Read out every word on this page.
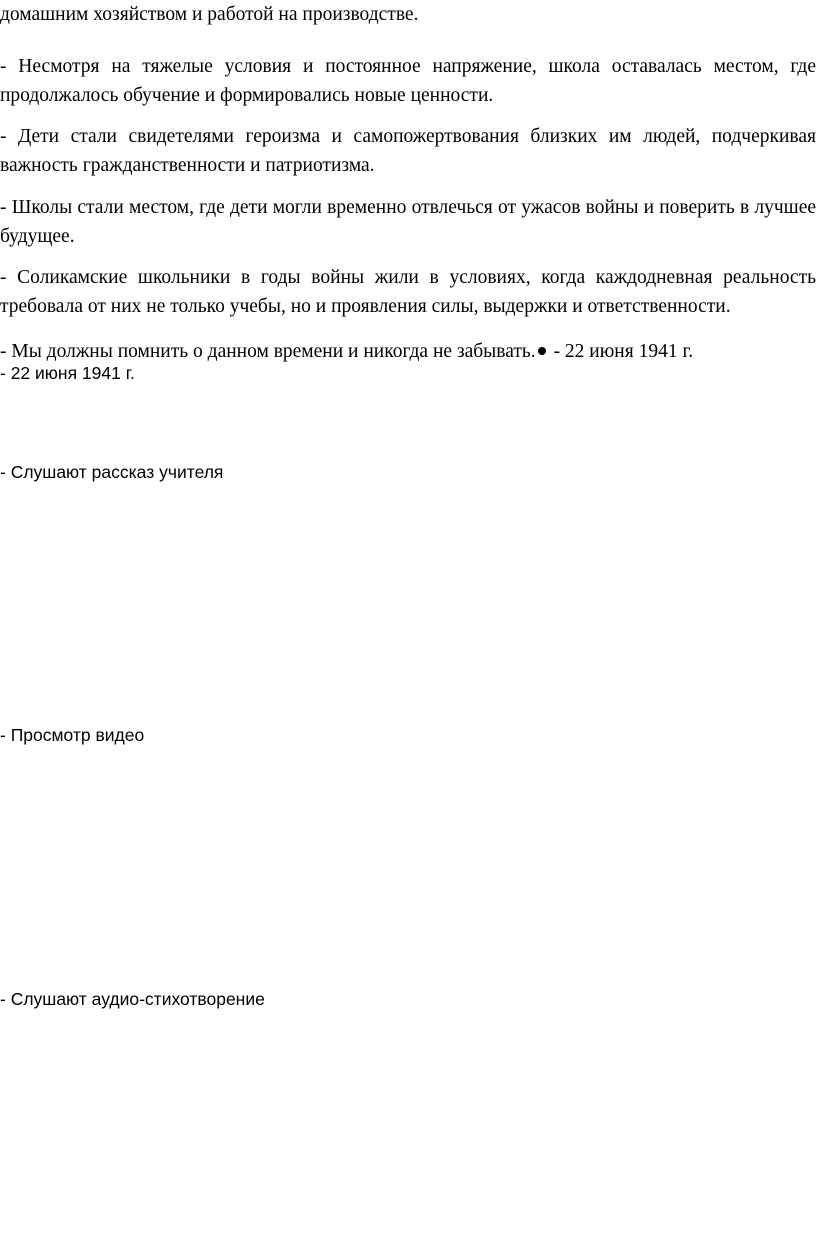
домашним хозяйством и работой на производстве.
- Несмотря на тяжелые условия и постоянное напряжение, школа оставалась местом, где продолжалось обучение и формировались новые ценности.
- Дети стали свидетелями героизма и самопожертвования близких им людей, подчеркивая важность гражданственности и патриотизма.
- Школы стали местом, где дети могли временно отвлечься от ужасов войны и поверить в лучшее будущее.
- Соликамские школьники в годы войны жили в условиях, когда каждодневная реальность требовала от них не только учебы, но и проявления силы, выдержки и ответственности.
- Мы должны помнить о данном времени и никогда не забывать. - 22 июня 1941 г.
- 22 июня 1941 г.
- Слушают рассказ учителя
- Просмотр видео
- Слушают аудио-стихотворение
